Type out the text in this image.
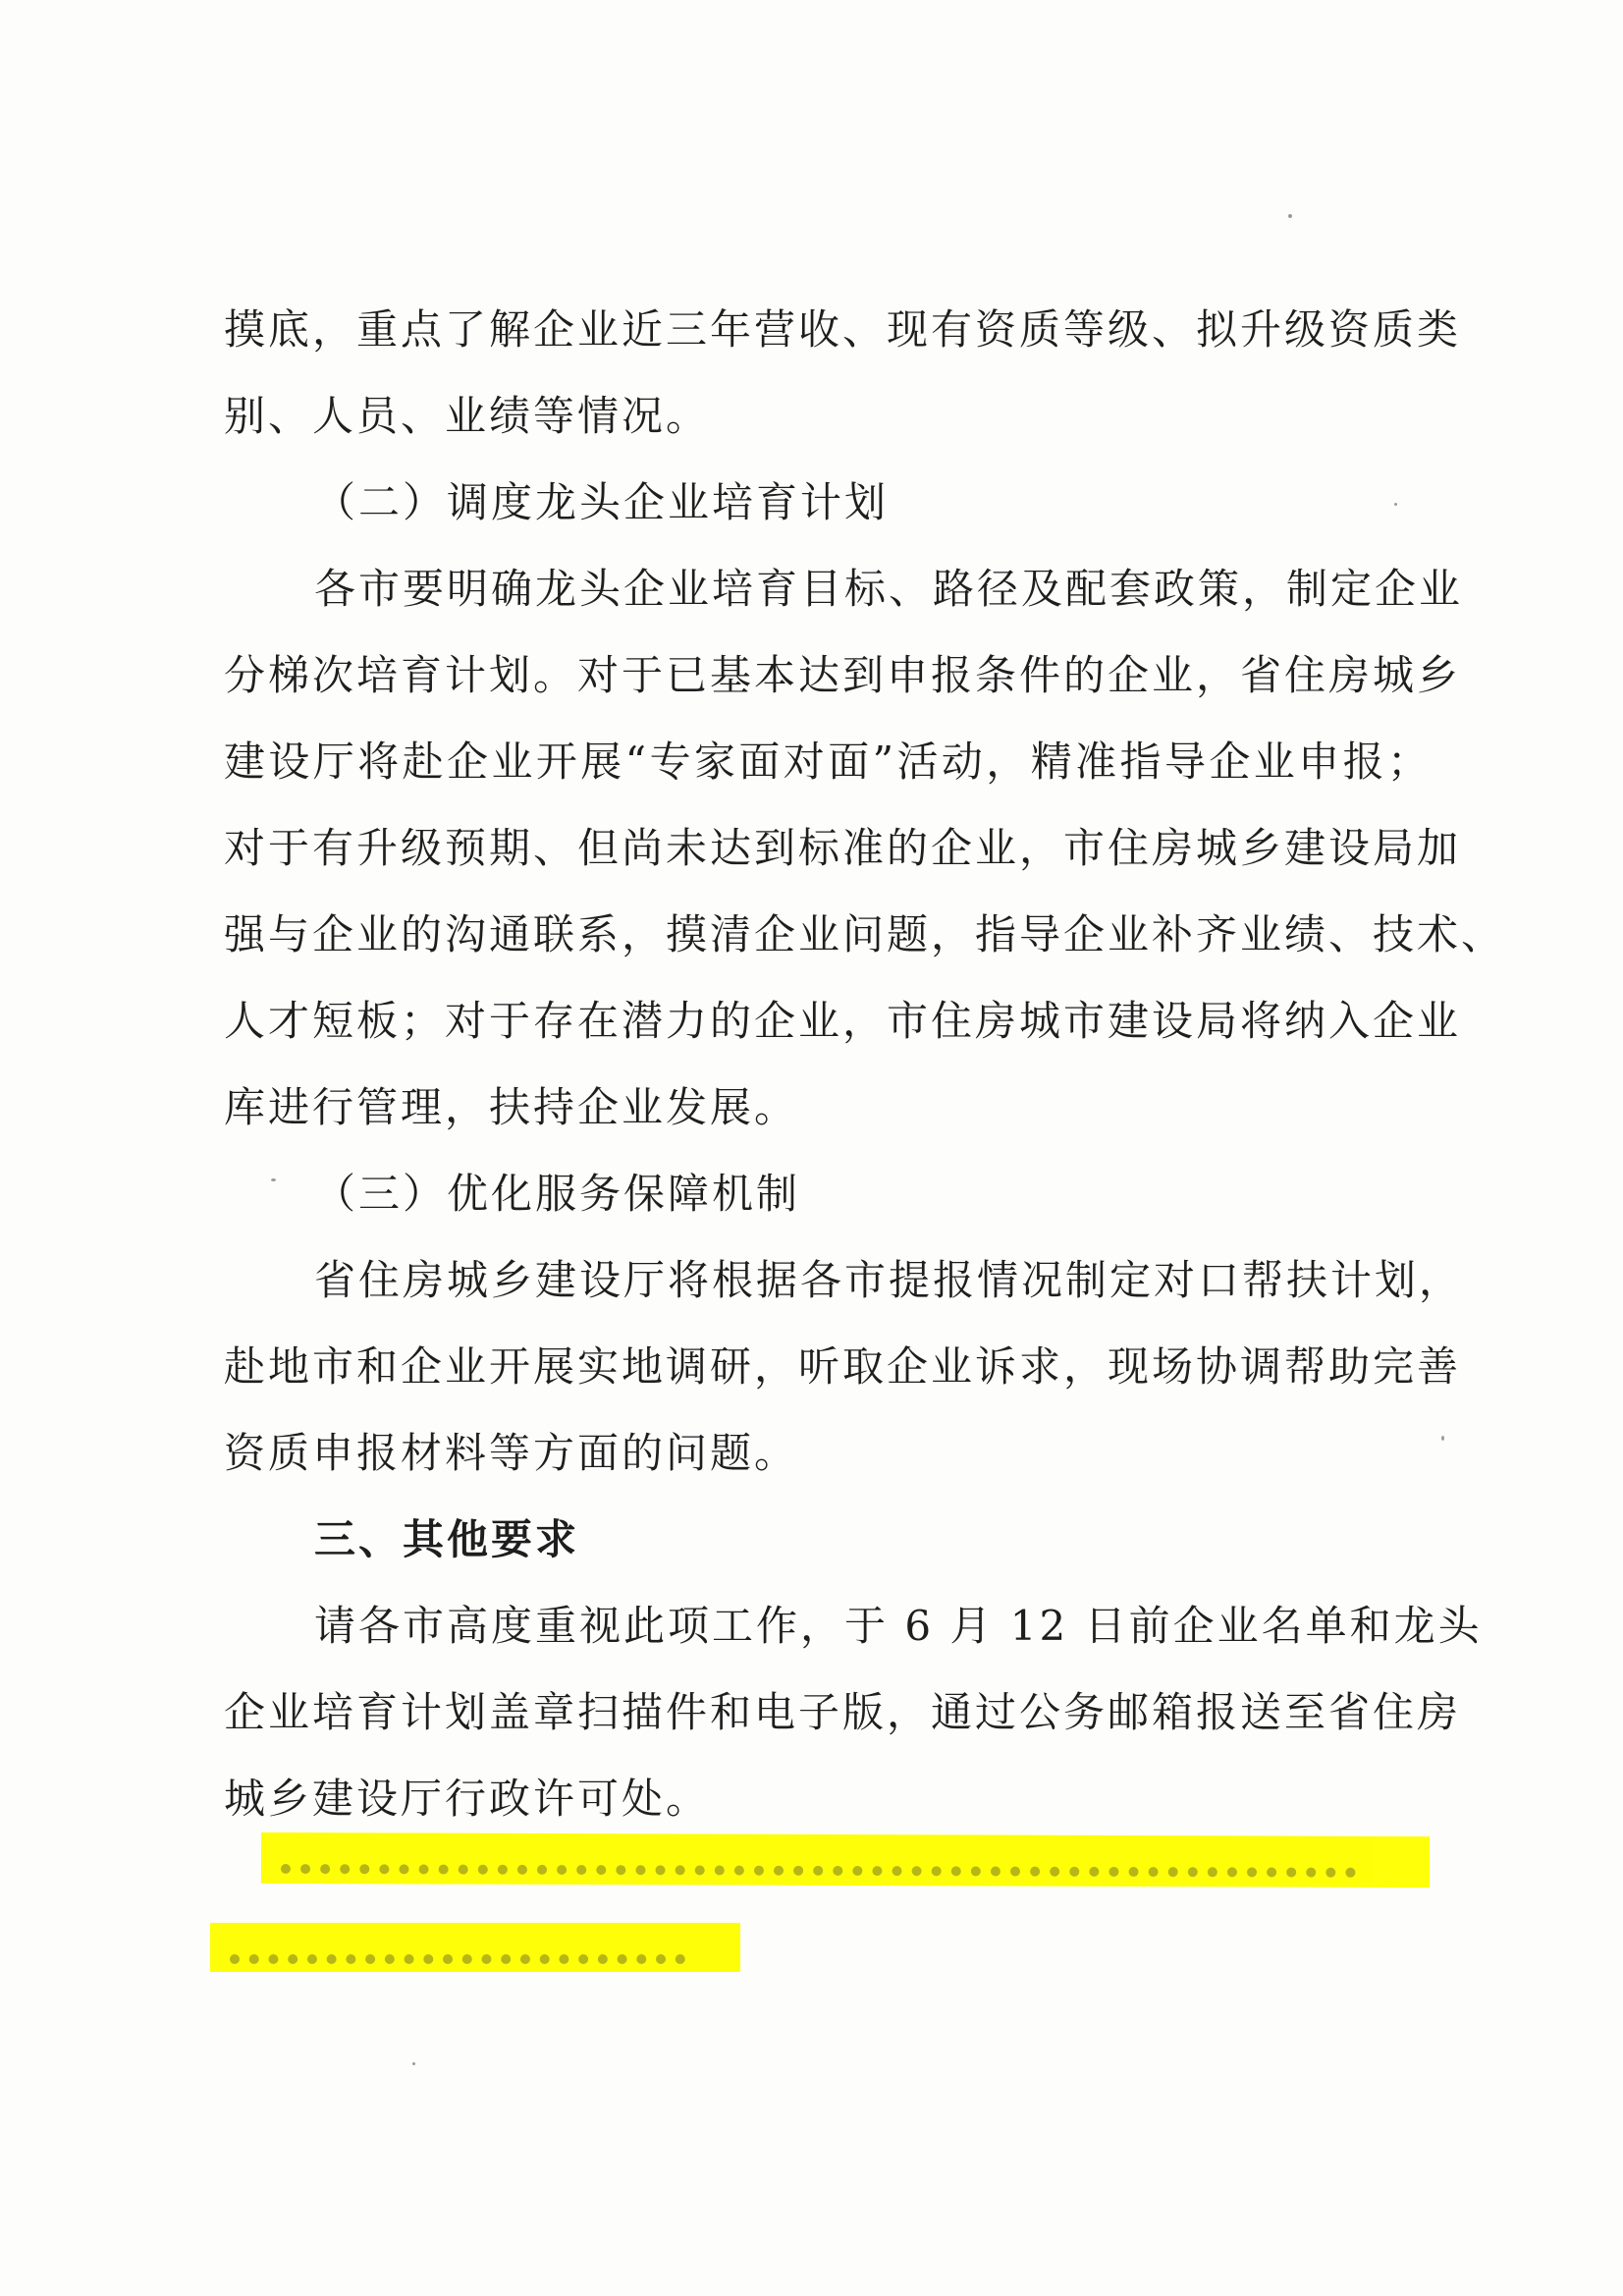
摸底，重点了解企业近三年营收、现有资质等级、拟升级资质类
别、人员、业绩等情况。
（二）调度龙头企业培育计划
各市要明确龙头企业培育目标、路径及配套政策，制定企业
分梯次培育计划。对于已基本达到申报条件的企业，省住房城乡
建设厅将赴企业开展“专家面对面”活动，精准指导企业申报；
对于有升级预期、但尚未达到标准的企业，市住房城乡建设局加
强与企业的沟通联系，摸清企业问题，指导企业补齐业绩、技术、
人才短板；对于存在潜力的企业，市住房城市建设局将纳入企业
库进行管理，扶持企业发展。
（三）优化服务保障机制
省住房城乡建设厅将根据各市提报情况制定对口帮扶计划，
赴地市和企业开展实地调研，听取企业诉求，现场协调帮助完善
资质申报材料等方面的问题。
三、其他要求
请各市高度重视此项工作，于 6 月 12 日前企业名单和龙头
企业培育计划盖章扫描件和电子版，通过公务邮箱报送至省住房
城乡建设厅行政许可处。
